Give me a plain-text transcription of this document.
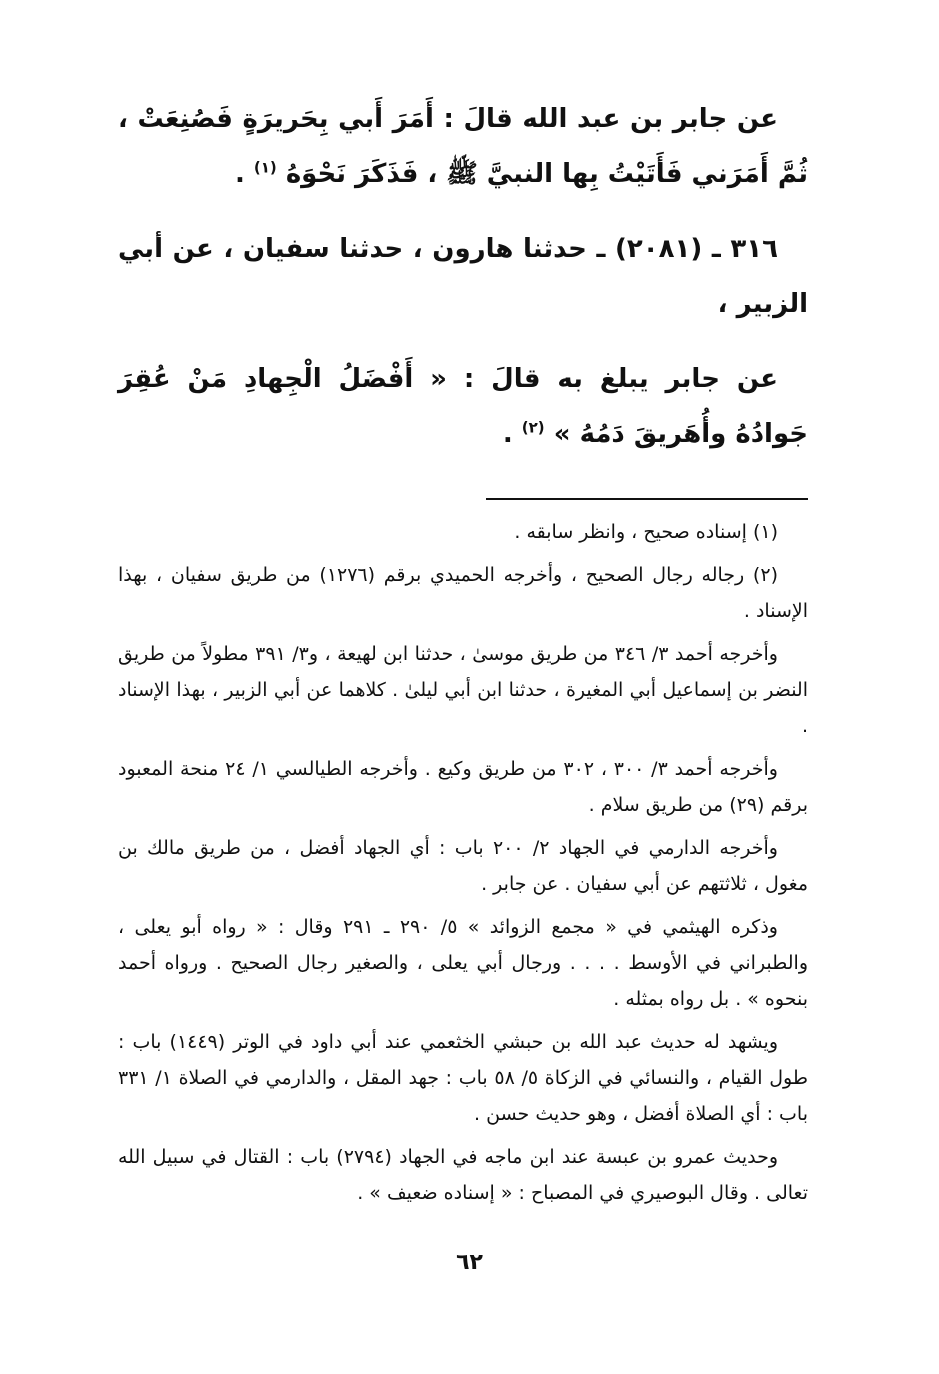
عن جابر بن عبد الله قالَ : أَمَرَ أَبي بِحَريرَةٍ فَصُنِعَتْ ، ثُمَّ أَمَرَني فَأَتَيْتُ بِها النبيَّ ﷺ ، فَذَكَرَ نَحْوَهُ $^{(١)}$ .

٣١٦ ـ (٢٠٨١) ـ حدثنا هارون ، حدثنا سفيان ، عن أبي الزبير ،

عن جابر يبلغ به قالَ : « أَفْضَلُ الْجِهادِ مَنْ عُقِرَ جَوادُهُ وأُهَريقَ دَمُهُ » $^{(٢)}$ .

(١) إسناده صحيح ، وانظر سابقه .

(٢) رجاله رجال الصحيح ، وأخرجه الحميدي برقم (١٢٧٦) من طريق سفيان ، بهذا الإسناد .

وأخرجه أحمد ٣/ ٣٤٦ من طريق موسىٰ ، حدثنا ابن لهيعة ، و٣/ ٣٩١ مطولاً من طريق النضر بن إسماعيل أبي المغيرة ، حدثنا ابن أبي ليلىٰ . كلاهما عن أبي الزبير ، بهذا الإسناد .

وأخرجه أحمد ٣/ ٣٠٠ ، ٣٠٢ من طريق وكيع . وأخرجه الطيالسي ١/ ٢٤ منحة المعبود برقم (٢٩) من طريق سلام .

وأخرجه الدارمي في الجهاد ٢/ ٢٠٠ باب : أي الجهاد أفضل ، من طريق مالك بن مغول ، ثلاثتهم عن أبي سفيان . عن جابر .

وذكره الهيثمي في « مجمع الزوائد » ٥/ ٢٩٠ ـ ٢٩١ وقال : « رواه أبو يعلى ، والطبراني في الأوسط . . . . ورجال أبي يعلى ، والصغير رجال الصحيح . ورواه أحمد بنحوه » . بل رواه بمثله .

ويشهد له حديث عبد الله بن حبشي الخثعمي عند أبي داود في الوتر (١٤٤٩) باب : طول القيام ، والنسائي في الزكاة ٥/ ٥٨ باب : جهد المقل ، والدارمي في الصلاة ١/ ٣٣١ باب : أي الصلاة أفضل ، وهو حديث حسن .

وحديث عمرو بن عبسة عند ابن ماجه في الجهاد (٢٧٩٤) باب : القتال في سبيل الله تعالى . وقال البوصيري في المصباح : « إسناده ضعيف » .

٦٢
